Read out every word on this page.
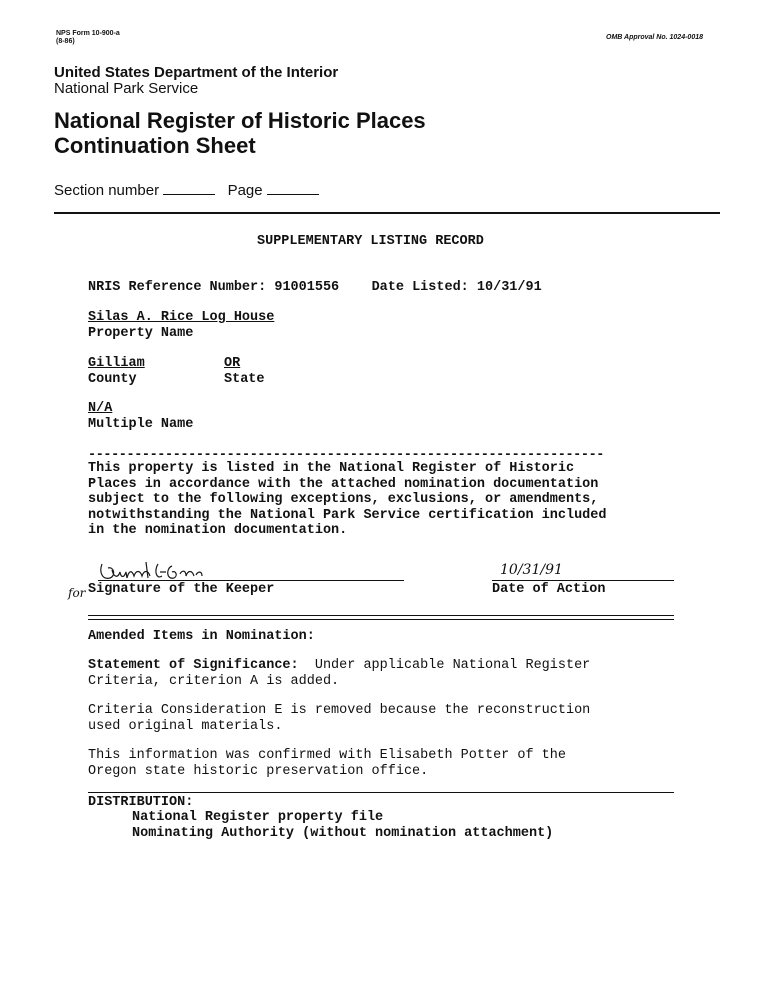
NPS Form 10-900-a
(8-86)
OMB Approval No. 1024-0018
United States Department of the Interior
National Park Service
National Register of Historic Places
Continuation Sheet
Section number	Page
SUPPLEMENTARY LISTING RECORD
NRIS Reference Number: 91001556 Date Listed: 10/31/91
Silas A. Rice Log House
Property Name
Gilliam
County
OR
State
N/A
Multiple Name
-------------------------------------------------------------------
This property is listed in the National Register of Historic
Places in accordance with the attached nomination documentation
subject to the following exceptions, exclusions, or amendments,
notwithstanding the National Park Service certification included
in the nomination documentation.
10/31/91
for Signature of the Keeper	Date of Action
Amended Items in Nomination:
Statement of Significance:  Under applicable National Register
Criteria, criterion A is added.
Criteria Consideration E is removed because the reconstruction
used original materials.
This information was confirmed with Elisabeth Potter of the
Oregon state historic preservation office.
DISTRIBUTION:
National Register property file
Nominating Authority (without nomination attachment)
